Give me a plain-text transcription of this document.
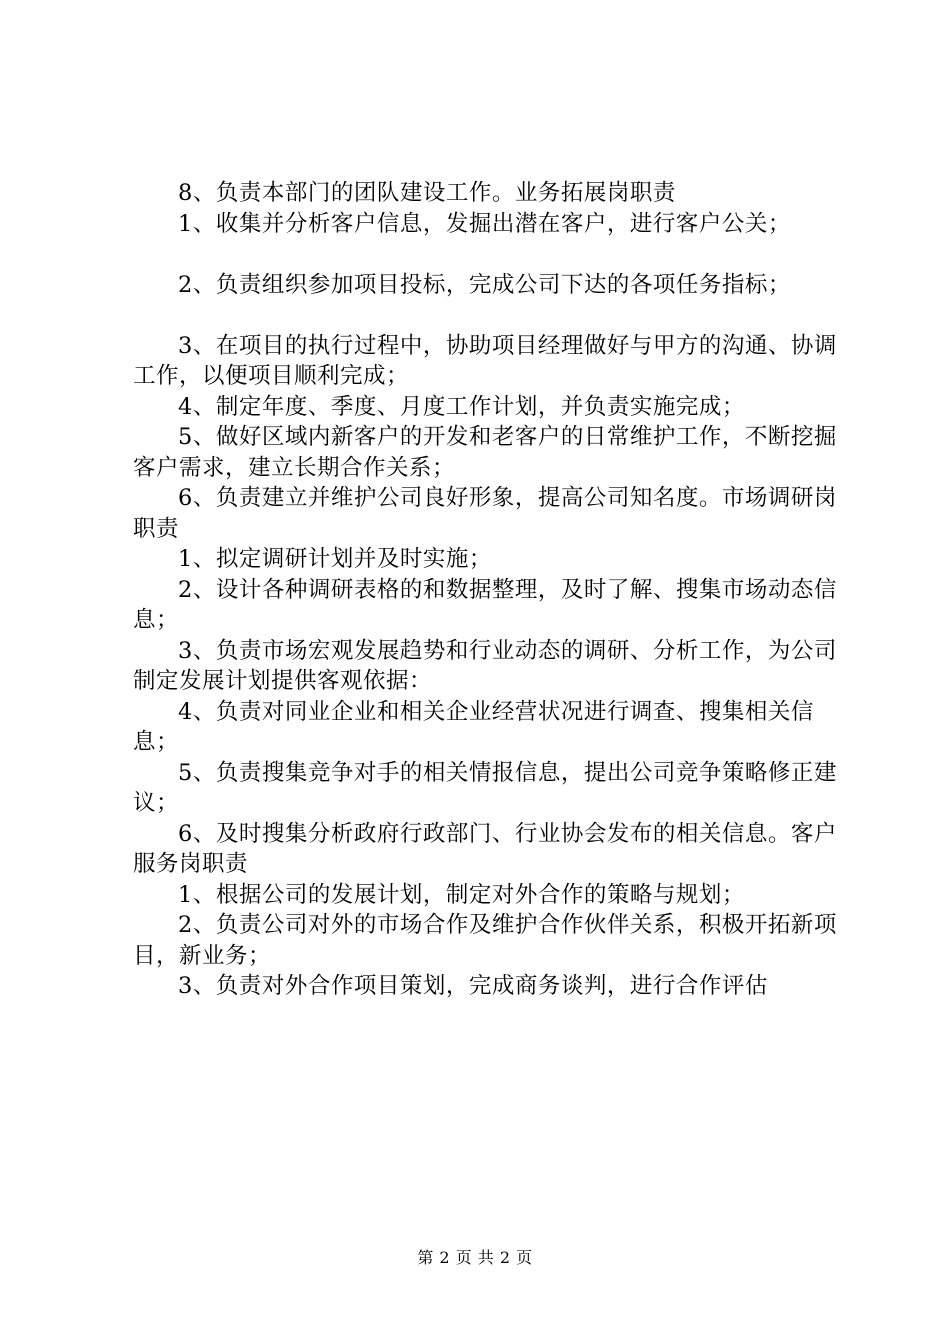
8、负责本部门的团队建设工作。业务拓展岗职责

1、收集并分析客户信息，发掘出潜在客户，进行客户公关；

2、负责组织参加项目投标，完成公司下达的各项任务指标；

3、在项目的执行过程中，协助项目经理做好与甲方的沟通、协调工作，以便项目顺利完成；

4、制定年度、季度、月度工作计划，并负责实施完成；

5、做好区域内新客户的开发和老客户的日常维护工作，不断挖掘客户需求，建立长期合作关系；

6、负责建立并维护公司良好形象，提高公司知名度。市场调研岗职责

1、拟定调研计划并及时实施；

2、设计各种调研表格的和数据整理，及时了解、搜集市场动态信息；

3、负责市场宏观发展趋势和行业动态的调研、分析工作，为公司制定发展计划提供客观依据：

4、负责对同业企业和相关企业经营状况进行调查、搜集相关信息；

5、负责搜集竞争对手的相关情报信息，提出公司竞争策略修正建议；

6、及时搜集分析政府行政部门、行业协会发布的相关信息。客户服务岗职责

1、根据公司的发展计划，制定对外合作的策略与规划；

2、负责公司对外的市场合作及维护合作伙伴关系，积极开拓新项目，新业务；

3、负责对外合作项目策划，完成商务谈判，进行合作评估

第 2 页 共 2 页
